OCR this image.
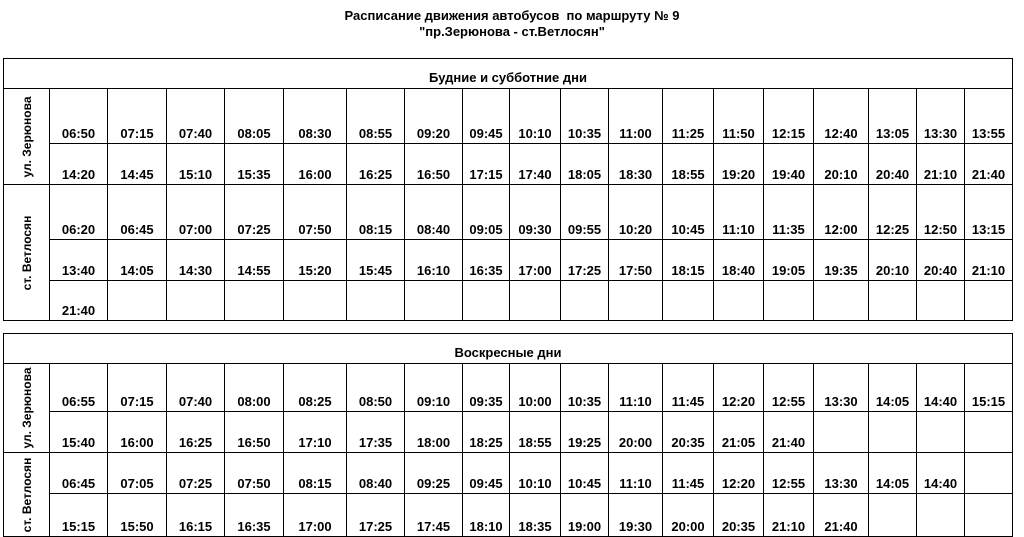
Расписание движения автобусов  по маршруту № 9
"пр.Зерюнова - ст.Ветлосян"
Будние и субботние дни																		

ул. Зерюнова	06:50	07:15	07:40	08:05	08:30	08:55	09:20	09:45	10:10	10:35	11:00	11:25	11:50	12:15	12:40	13:05	13:30	13:55
	14:20	14:45	15:10	15:35	16:00	16:25	16:50	17:15	17:40	18:05	18:30	18:55	19:20	19:40	20:10	20:40	21:10	21:40

ст. Ветлосян	06:20	06:45	07:00	07:25	07:50	08:15	08:40	09:05	09:30	09:55	10:20	10:45	11:10	11:35	12:00	12:25	12:50	13:15
	13:40	14:05	14:30	14:55	15:20	15:45	16:10	16:35	17:00	17:25	17:50	18:15	18:40	19:05	19:35	20:10	20:40	21:10
	21:40																	

Воскресные дни																		

ул. Зерюнова	06:55	07:15	07:40	08:00	08:25	08:50	09:10	09:35	10:00	10:35	11:10	11:45	12:20	12:55	13:30	14:05	14:40	15:15
	15:40	16:00	16:25	16:50	17:10	17:35	18:00	18:25	18:55	19:25	20:00	20:35	21:05	21:40				

ст. Ветлосян	06:45	07:05	07:25	07:50	08:15	08:40	09:25	09:45	10:10	10:45	11:10	11:45	12:20	12:55	13:30	14:05	14:40	
	15:15	15:50	16:15	16:35	17:00	17:25	17:45	18:10	18:35	19:00	19:30	20:00	20:35	21:10	21:40			
